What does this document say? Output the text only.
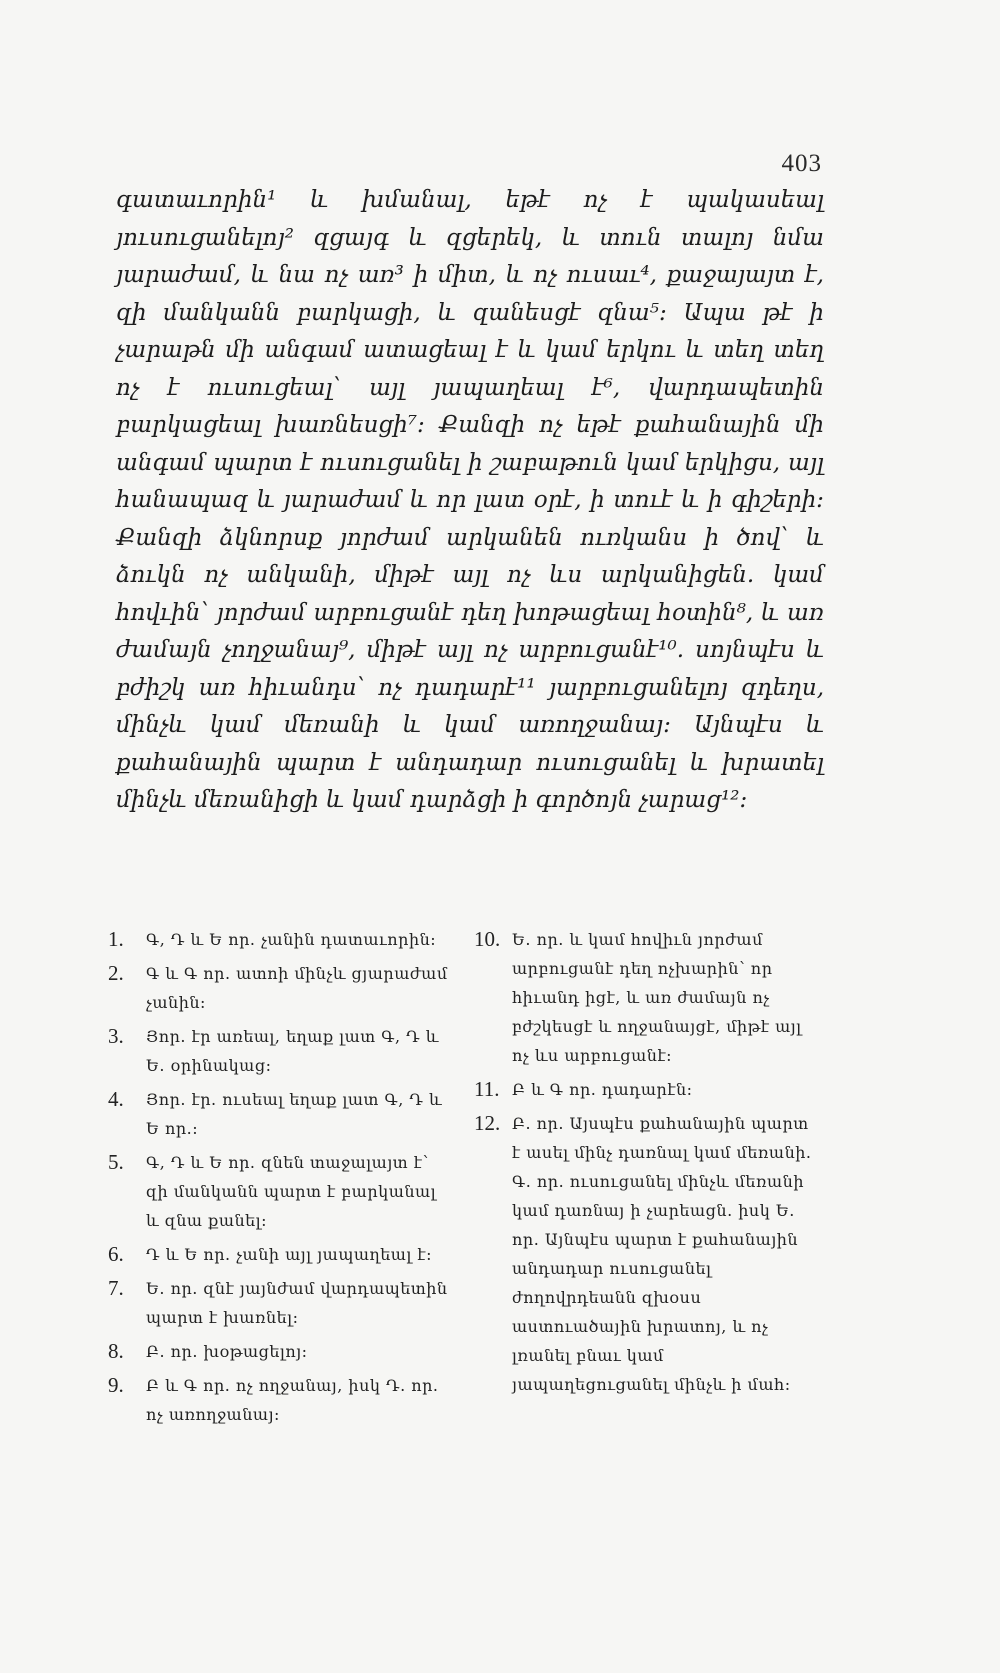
403
գատաւորին¹ և խմանալ, եթէ ոչ է պակասեալ յուսուցանելոյ² զցայգ և զցերեկ, և տուն տալոյ նմա յարաժամ, և նա ոչ առ³ ի միտ, և ոչ ուսաւ⁴, քաջայայտ է, զի մանկանն բարկացի, և զանեսցէ զնա⁵։ Ապա թէ ի չարաթն մի անգամ ատացեալ է և կամ երկու և տեղ տեղ ոչ է ուսուցեալ՝ այլ յապաղեալ է⁶, վարդապետին բարկացեալ խառնեսցի⁷։ Քանզի ոչ եթէ քահանային մի անգամ պարտ է ուսուցանել ի շաբաթուն կամ երկիցս, այլ հանապազ և յարաժամ և որ լատ օրէ, ի տուէ և ի գիշերի։ Քանզի ձկնորսք յորժամ արկանեն ուռկանս ի ծով՝ և ձուկն ոչ անկանի, միթէ այլ ոչ ևս արկանիցեն. կամ հովւին՝ յորժամ արբուցանէ դեղ խոթացեալ հօտին⁸, և առ ժամայն չողջանայ⁹, միթէ այլ ոչ արբուցանէ¹⁰. սոյնպէս և բժիշկ առ հիւանդս՝ ոչ դադարէ¹¹ յարբուցանելոյ զդեղս, մինչև կամ մեռանի և կամ առողջանայ։ Այնպէս և քահանային պարտ է անդադար ուսուցանել և խրատել մինչև մեռանիցի և կամ դարձցի ի գործոյն չարաց¹²։
1.	Գ, Դ և Ե որ. չանին դատաւորին։
2.	Գ և Գ որ. ատոի մինչև ցյարաժամ չանին։
3.	Յոր. էր առեալ, եղաք լատ Գ, Դ և Ե. օրինակաց։
4.	Յոր. էր. ուսեալ եղաք լատ Գ, Դ և Ե որ.։
5.	Գ, Դ և Ե որ. զնեն տաջալայտ է՝ զի մանկանն պարտ է բարկանալ և զնա քանել։
6.	Դ և Ե որ. չանի այլ յապաղեալ է։
7.	Ե. որ. զնէ յայնժամ վարդապետին պարտ է խառնել։
8.	Բ. որ. խօթացելոյ։
9.	Բ և Գ որ. ոչ ողջանայ, իսկ Դ. որ. ոչ առողջանայ։
10. Ե. որ. և կամ հովիւն յորժամ արբուցանէ դեղ ոչխարին՝ որ հիւանդ իցէ, և առ ժամայն ոչ բժշկեսցէ և ողջանայցէ, միթէ այլ ոչ ևս արբուցանէ։
11. Բ և Գ որ. դադարէն։
12. Բ. որ. Այսպէս քահանային պարտ է ասել մինչ դառնալ կամ մեռանի. Գ. որ. ուսուցանել մինչև մեռանի կամ դառնայ ի չարեացն. իսկ Ե. որ. Այնպէս պարտ է քահանային անդադար ուսուցանել ժողովրդեանն զխօսս աստուածային խրատոյ, և ոչ լռանել բնաւ կամ յապաղեցուցանել մինչև ի մահ։
